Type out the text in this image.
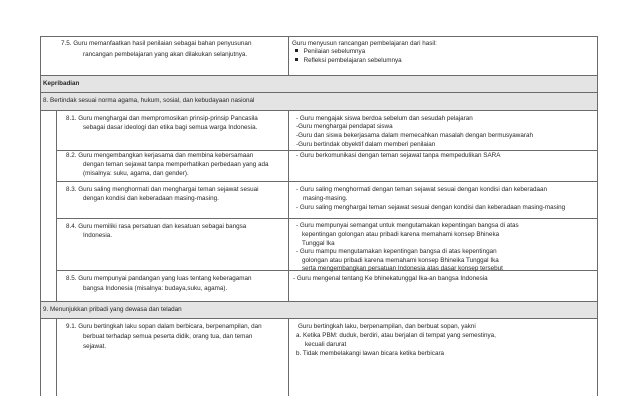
7.5. Guru memanfaatkan hasil penilaian sebagai bahan penyusunan
rancangan pembelajaran yang akan dilakukan selanjutnya.
Guru menyusun rancangan pembelajaran dari hasil:
Penilaian sebelumnya
Refleksi pembelajaran sebelumnya
Kepribadian
8. Bertindak sesuai norma agama, hukum, sosial, dan kebudayaan nasional
8.1. Guru menghargai dan mempromosikan prinsip-prinsip Pancasila
sebagai dasar ideologi dan etika bagi semua warga Indonesia.
- Guru mengajak siswa berdoa sebelum dan sesudah pelajaran
-Guru menghargai pendapat siswa
-Guru dan siswa bekerjasama dalam memecahkan masalah dengan bermusyawarah
-Guru bertindak obyektif dalam memberi penilaian
8.2. Guru mengembangkan kerjasama dan membina kebersamaan
dengan teman sejawat tanpa memperhatikan perbedaan yang ada
(misalnya: suku, agama, dan gender).
- Guru berkomunikasi dengan teman sejawat tanpa mempedulikan SARA
8.3. Guru saling menghormati dan menghargai teman sejawat sesuai
dengan kondisi dan keberadaan masing-masing.
- Guru saling menghormati dengan teman sejawat sesuai dengan kondisi dan keberadaan
masing-masing.
- Guru saling menghargai teman sejawat sesuai dengan kondisi dan keberadaan masing-masing
8.4. Guru memiliki rasa persatuan dan kesatuan sebagai bangsa
Indonesia.
- Guru mempunyai semangat untuk mengutamakan kepentingan bangsa di atas
kepentingan golongan atau pribadi karena memahami konsep Bhineka
Tunggal Ika
- Guru mampu mengutamakan kepentingan bangsa di atas kepentingan
golongan atau pribadi karena memahami konsep Bhineika Tunggal Ika
serta mengembangkan persatuan Indonesia atas dasar konsep tersebut
8.5. Guru mempunyai pandangan yang luas tentang keberagaman
bangsa Indonesia (misalnya: budaya,suku, agama).
- Guru mengenal tentang Ke bhinekatunggal Ika-an bangsa Indonesia
9. Menunjukkan pribadi yang dewasa dan teladan
9.1. Guru bertingkah laku sopan dalam berbicara, berpenampilan, dan
berbuat terhadap semua peserta didik, orang tua, dan teman
sejawat.
Guru bertingkah laku, berpenampilan, dan berbuat sopan, yakni
a. Ketika PBM: duduk, berdiri, atau berjalan di tempat yang semestinya,
kecuali darurat
b. Tidak membelakangi lawan bicara ketika berbicara
